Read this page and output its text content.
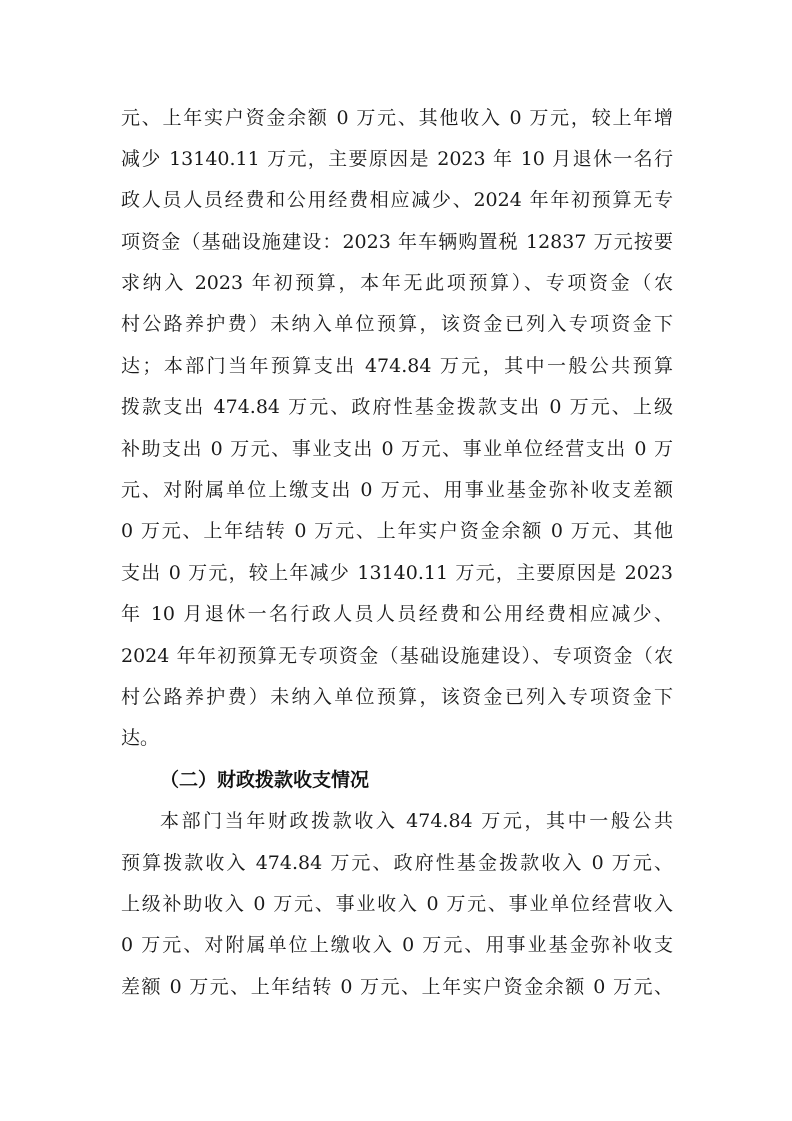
元、上年实户资金余额 0 万元、其他收入 0 万元，较上年增
减少 13140.11 万元，主要原因是 2023 年 10 月退休一名行
政人员人员经费和公用经费相应减少、2024 年年初预算无专
项资金（基础设施建设：2023 年车辆购置税 12837 万元按要
求纳入 2023 年初预算，本年无此项预算）、专项资金（农
村公路养护费）未纳入单位预算，该资金已列入专项资金下
达；本部门当年预算支出 474.84 万元，其中一般公共预算
拨款支出 474.84 万元、政府性基金拨款支出 0 万元、上级
补助支出 0 万元、事业支出 0 万元、事业单位经营支出 0 万
元、对附属单位上缴支出 0 万元、用事业基金弥补收支差额
0 万元、上年结转 0 万元、上年实户资金余额 0 万元、其他
支出 0 万元，较上年减少 13140.11 万元，主要原因是 2023
年 10 月退休一名行政人员人员经费和公用经费相应减少、
2024 年年初预算无专项资金（基础设施建设）、专项资金（农
村公路养护费）未纳入单位预算，该资金已列入专项资金下
达。
（二）财政拨款收支情况
本部门当年财政拨款收入 474.84 万元，其中一般公共
预算拨款收入 474.84 万元、政府性基金拨款收入 0 万元、
上级补助收入 0 万元、事业收入 0 万元、事业单位经营收入
0 万元、对附属单位上缴收入 0 万元、用事业基金弥补收支
差额 0 万元、上年结转 0 万元、上年实户资金余额 0 万元、
